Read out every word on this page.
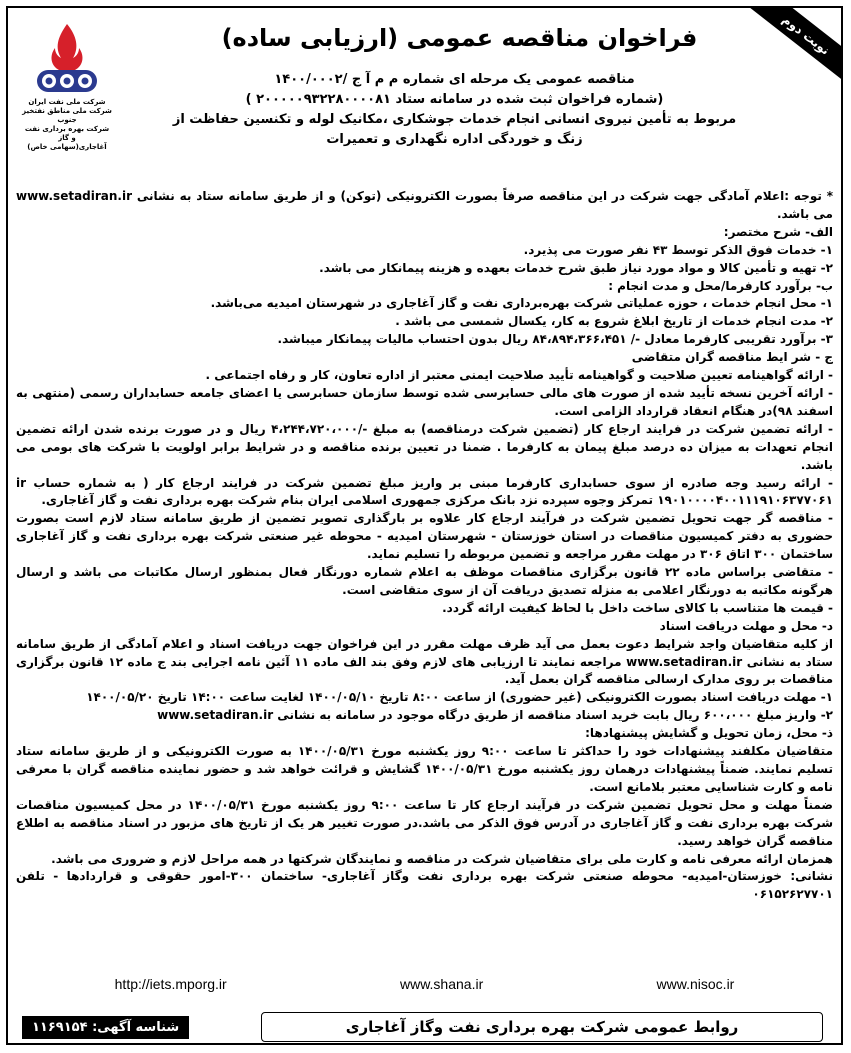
شرکت ملی نفت ایران
شرکت ملی مناطق نفتخیز جنوب
شرکت بهره برداری نفت و گاز
آغاجاری(سهامی خاص)
نوبت دوم
فراخوان مناقصه عمومی (ارزیابی ساده)
مناقصه عمومی یک مرحله ای شماره م م آ ج /۱۴۰۰/۰۰۰۲
(شماره فراخوان ثبت شده در سامانه ستاد ۲۰۰۰۰۰۹۳۲۲۸۰۰۰۰۸۱ )
مربوط به تأمین نیروی انسانی انجام خدمات جوشکاری ،مکانیک لوله و تکنسین حفاظت از
زنگ و خوردگی اداره نگهداری و تعمیرات

* توجه :اعلام آمادگی جهت شرکت در این مناقصه صرفاً بصورت الکترونیکی (توکن) و از طریق سامانه ستاد به نشانی www.setadiran.ir می باشد.

الف- شرح مختصر:

۱- خدمات فوق الذکر توسط ۴۳ نفر صورت می پذیرد.

۲- تهیه و تأمین کالا و مواد مورد نیاز طبق شرح خدمات بعهده و هزینه پیمانکار می باشد.

ب- برآورد کارفرما/محل و مدت انجام :

۱- محل انجام خدمات ، حوزه عملیاتی شرکت بهره‌برداری نفت و گاز آغاجاری در شهرستان امیدیه می‌باشد.

۲- مدت انجام خدمات از تاریخ ابلاغ شروع به کار، یکسال شمسی می باشد .

۳- برآورد تقریبی کارفرما معادل -/ ۸۴،۸۹۴،۳۶۶،۴۵۱ ریال بدون احتساب مالیات پیمانکار میباشد.

ج - شر ایط مناقصه گران متقاضی

- ارائه گواهینامه تعیین صلاحیت و گواهینامه تأیید صلاحیت ایمنی معتبر از اداره تعاون، کار و رفاه اجتماعی .

- ارائه آخرین نسخه تأیید شده از صورت های مالی حسابرسی شده توسط سازمان حسابرسی یا اعضای جامعه حسابداران رسمی (منتهی به اسفند ۹۸)در هنگام انعقاد قرارداد الزامی است.

- ارائه تضمین شرکت در فرایند ارجاع کار (تضمین شرکت درمناقصه) به مبلغ -/۴،۲۴۴،۷۲۰،۰۰۰ ریال و در صورت برنده شدن ارائه تضمین انجام تعهدات به میزان ده درصد مبلغ پیمان به کارفرما . ضمنا در تعیین برنده مناقصه و در شرایط برابر اولویت با شرکت های بومی می باشد.

- ارائه رسید وجه صادره از سوی حسابداری کارفرما مبنی بر واریز مبلغ تضمین شرکت در فرایند ارجاع کار ( به شماره حساب ir ۱۹۰۱۰۰۰۰۴۰۰۱۱۱۹۱۰۶۳۷۷۰۶۱ تمرکز وجوه سپرده نزد بانک مرکزی جمهوری اسلامی ایران بنام شرکت بهره برداری نفت و گاز آغاجاری.

- مناقصه گر جهت تحویل تضمین شرکت در فرآیند ارجاع کار علاوه بر بارگذاری تصویر تضمین از طریق سامانه ستاد لازم است بصورت حضوری به دفتر کمیسیون مناقصات در استان خوزستان - شهرستان امیدیه - محوطه غیر صنعتی شرکت بهره برداری نفت و گاز آغاجاری ساختمان ۳۰۰ اتاق ۳۰۶ در مهلت مقرر مراجعه و تضمین مربوطه را تسلیم نماید.

- متقاضی براساس ماده ۲۲ قانون برگزاری مناقصات موظف به اعلام شماره دورنگار فعال بمنظور ارسال مکاتبات می باشد و ارسال هرگونه مکاتبه به دورنگار اعلامی به منزله تصدیق دریافت آن از سوی متقاضی است.

- قیمت ها متناسب با کالای ساخت داخل با لحاظ کیفیت ارائه گردد.

د- محل و مهلت دریافت اسناد

از کلیه متقاضیان واجد شرایط دعوت بعمل می آید ظرف مهلت مقرر در این فراخوان جهت دریافت اسناد و اعلام آمادگی از طریق سامانه ستاد به نشانی www.setadiran.ir مراجعه نمایند تا ارزیابی های لازم وفق بند الف ماده ۱۱ آئین نامه اجرایی بند ج ماده ۱۲ قانون برگزاری مناقصات بر روی مدارک ارسالی مناقصه گران بعمل آید.

۱- مهلت دریافت اسناد بصورت الکترونیکی (غیر حضوری) از ساعت ۸:۰۰ تاریخ ۱۴۰۰/۰۵/۱۰ لغایت ساعت ۱۴:۰۰ تاریخ ۱۴۰۰/۰۵/۲۰

۲- واریز مبلغ ۶۰۰،۰۰۰ ریال بابت خرید اسناد مناقصه از طریق درگاه موجود در سامانه به نشانی www.setadiran.ir

ذ- محل، زمان تحویل و گشایش پیشنهادها:

متقاضیان مکلفند پیشنهادات خود را حداکثر تا ساعت ۹:۰۰ روز یکشنبه مورخ ۱۴۰۰/۰۵/۳۱ به صورت الکترونیکی و از طریق سامانه ستاد تسلیم نمایند. ضمناً پیشنهادات درهمان روز یکشنبه مورخ ۱۴۰۰/۰۵/۳۱ گشایش و قرائت خواهد شد و حضور نماینده مناقصه گران با معرفی نامه و کارت شناسایی معتبر بلامانع است.

ضمناً مهلت و محل تحویل تضمین شرکت در فرآیند ارجاع کار تا ساعت ۹:۰۰ روز یکشنبه مورخ ۱۴۰۰/۰۵/۳۱ در محل کمیسیون مناقصات شرکت بهره برداری نفت و گاز آغاجاری در آدرس فوق الذکر می باشد.در صورت تغییر هر یک از تاریخ های مزبور در اسناد مناقصه به اطلاع مناقصه گران خواهد رسید.

همزمان ارائه معرفی نامه و کارت ملی برای متقاضیان شرکت در مناقصه و نمایندگان شرکتها در همه مراحل لازم و ضروری می باشد.

نشانی: خوزستان-امیدیه- محوطه صنعتی شرکت بهره برداری نفت وگاز آغاجاری- ساختمان ۳۰۰-امور حقوقی و قراردادها - تلفن ۰۶۱۵۲۶۲۷۷۰۱

http://iets.mporg.ir	www.shana.ir	www.nisoc.ir
شناسه آگهی: ۱۱۶۹۱۵۴	روابط عمومی شرکت بهره برداری نفت وگاز آغاجاری
